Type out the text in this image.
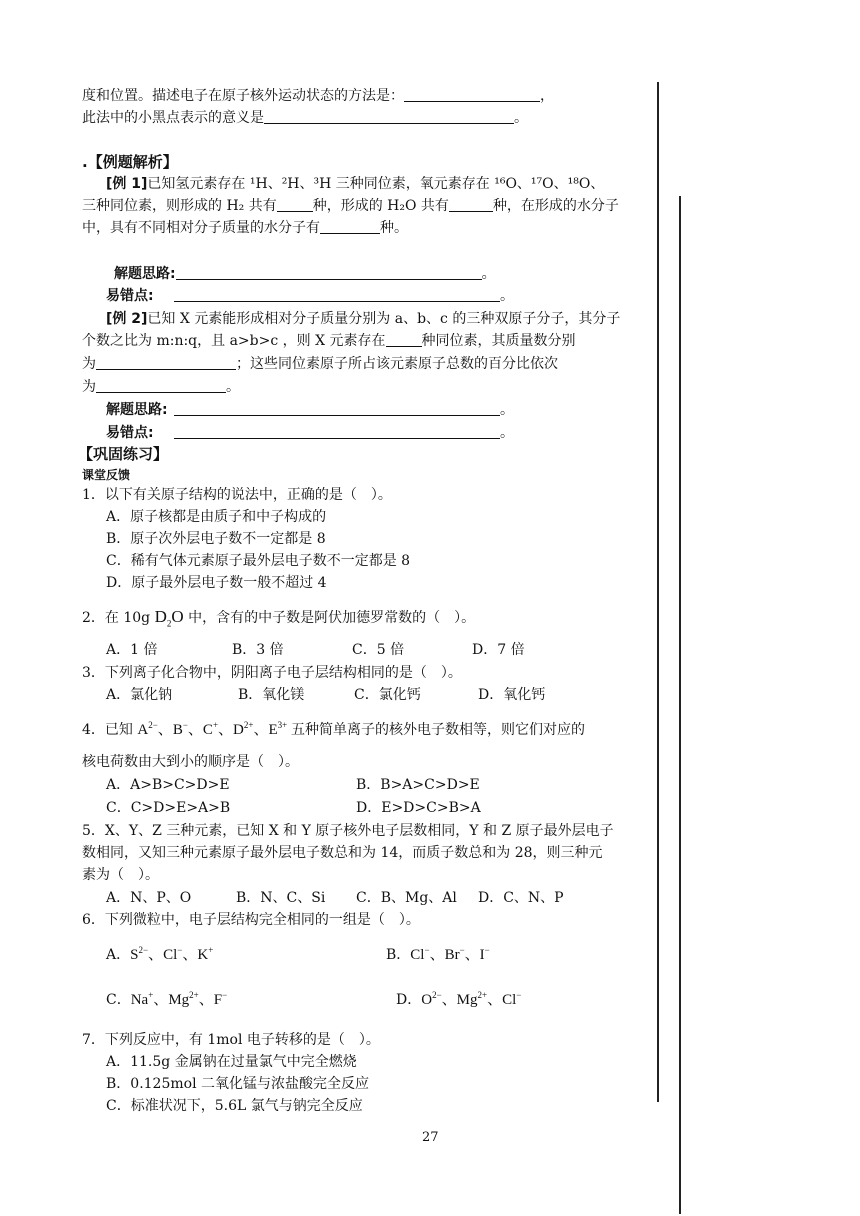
度和位置。描述电子在原子核外运动状态的方法是：	，
此法中的小黑点表示的意义是	。
.【例题解析】
[例 1]已知氢元素存在 ¹H、²H、³H 三种同位素，氧元素存在 ¹⁶O、¹⁷O、¹⁸O、
三种同位素，则形成的 H₂ 共有	种，形成的 H₂O 共有	种，在形成的水分子
中，具有不同相对分子质量的水分子有	种。
解题思路:	。
易错点:	。
[例 2]已知 X 元素能形成相对分子质量分别为 a、b、c 的三种双原子分子，其分子
个数之比为 m:n:q，且 a>b>c ，则 X 元素存在	种同位素，其质量数分别
为	；这些同位素原子所占该元素原子总数的百分比依次
为	。
解题思路:	。
易错点:	。
【巩固练习】
课堂反馈
1．以下有关原子结构的说法中，正确的是（　）。
A．原子核都是由质子和中子构成的
B．原子次外层电子数不一定都是 8
C．稀有气体元素原子最外层电子数不一定都是 8
D．原子最外层电子数一般不超过 4
2．在 10g $D_2O$ 中，含有的中子数是阿伏加德罗常数的（　）。
A．1 倍	B．3 倍	C．5 倍	D．7 倍
3．下列离子化合物中，阴阳离子电子层结构相同的是（　）。
A．氯化钠	B．氧化镁	C．氯化钙	D．氧化钙
4．已知 $A^{2-}$、B−、C+、$D^{2+}$、$E^{3+}$ 五种简单离子的核外电子数相等，则它们对应的
核电荷数由大到小的顺序是（　）。
A．A>B>C>D>E	B．B>A>C>D>E
C．C>D>E>A>B	D．E>D>C>B>A
5．X、Y、Z 三种元素，已知 X 和 Y 原子核外电子层数相同，Y 和 Z 原子最外层电子
数相同，又知三种元素原子最外层电子数总和为 14，而质子数总和为 28，则三种元
素为（　）。
A．N、P、O	B．N、C、Si C．B、Mg、Al D．C、N、P
6．下列微粒中，电子层结构完全相同的一组是（　）。
A．$S^{2-}$、Cl−、K+	B．Cl−、Br−、I−
C．Na+、$Mg^{2+}$、F−	D．$O^{2-}$、$Mg^{2+}$、Cl−
7．下列反应中，有 1mol 电子转移的是（　）。
A．11.5g 金属钠在过量氯气中完全燃烧
B．0.125mol 二氧化锰与浓盐酸完全反应
C．标准状况下，5.6L 氯气与钠完全反应
27
